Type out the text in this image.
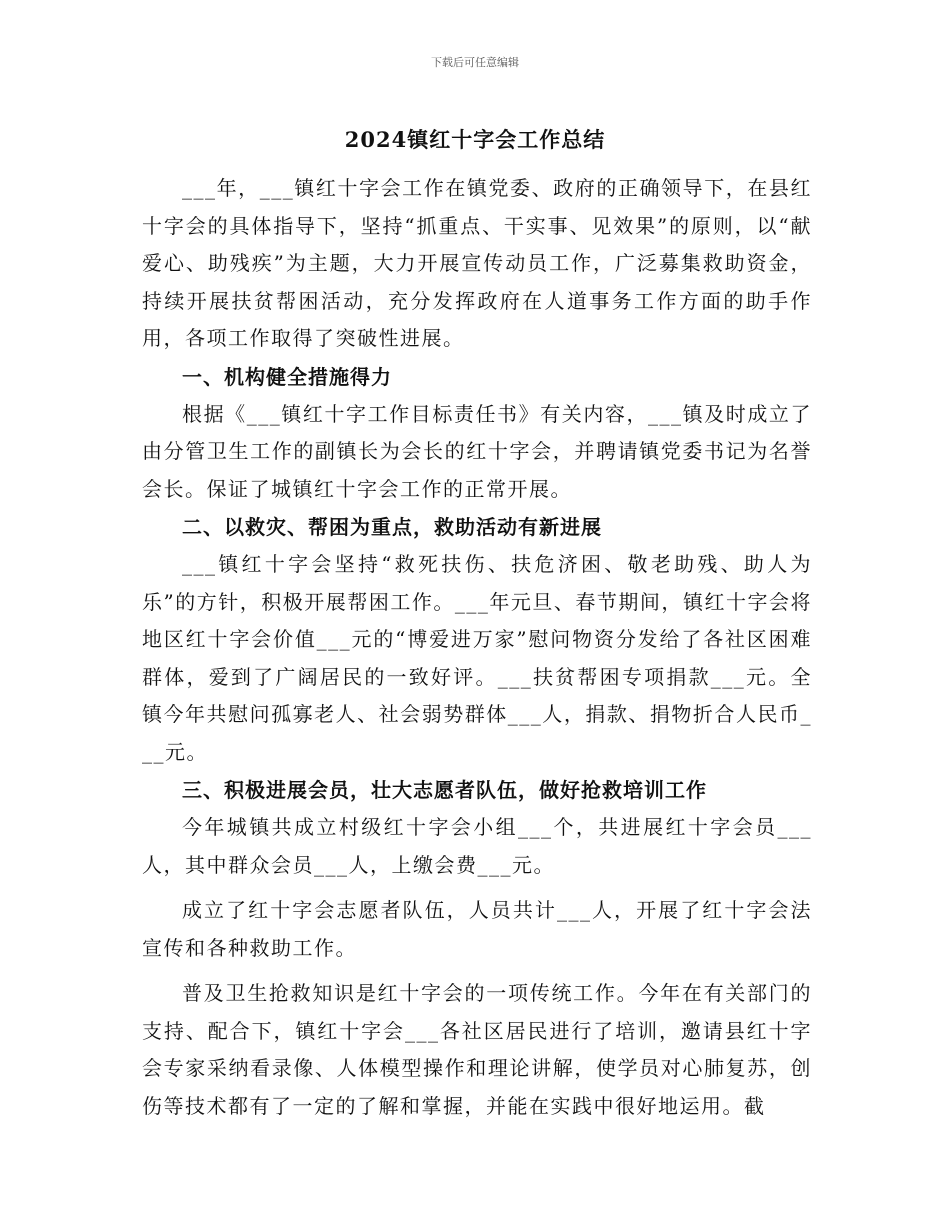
下载后可任意编辑
2024镇红十字会工作总结

___年，___镇红十字会工作在镇党委、政府的正确领导下，在县红十字会的具体指导下，坚持“抓重点、干实事、见效果”的原则，以“献爱心、助残疾”为主题，大力开展宣传动员工作，广泛募集救助资金，持续开展扶贫帮困活动，充分发挥政府在人道事务工作方面的助手作用，各项工作取得了突破性进展。

一、机构健全措施得力

根据《___镇红十字工作目标责任书》有关内容，___镇及时成立了由分管卫生工作的副镇长为会长的红十字会，并聘请镇党委书记为名誉会长。保证了城镇红十字会工作的正常开展。

二、以救灾、帮困为重点，救助活动有新进展

___镇红十字会坚持“救死扶伤、扶危济困、敬老助残、助人为乐”的方针，积极开展帮困工作。___年元旦、春节期间，镇红十字会将地区红十字会价值___元的“博爱进万家”慰问物资分发给了各社区困难群体，爱到了广阔居民的一致好评。___扶贫帮困专项捐款___元。全镇今年共慰问孤寡老人、社会弱势群体___人，捐款、捐物折合人民币___元。

三、积极进展会员，壮大志愿者队伍，做好抢救培训工作

今年城镇共成立村级红十字会小组___个，共进展红十字会员___人，其中群众会员___人，上缴会费___元。

成立了红十字会志愿者队伍，人员共计___人，开展了红十字会法宣传和各种救助工作。

普及卫生抢救知识是红十字会的一项传统工作。今年在有关部门的支持、配合下，镇红十字会___各社区居民进行了培训，邀请县红十字会专家采纳看录像、人体模型操作和理论讲解，使学员对心肺复苏，创伤等技术都有了一定的了解和掌握，并能在实践中很好地运用。截
